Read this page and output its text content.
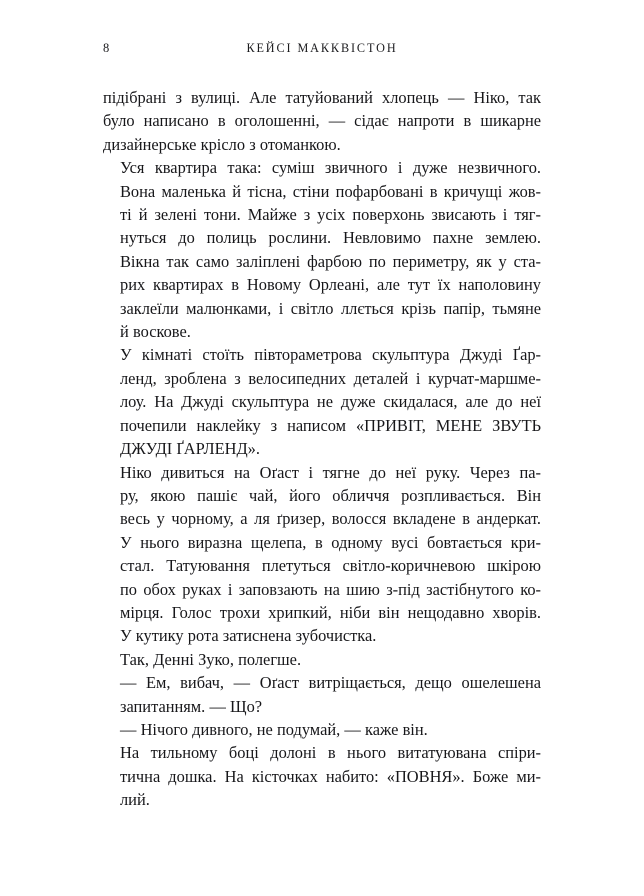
8	КЕЙСІ МАККВІСТОН

підібрані з вулиці. Але татуйований хлопець — Ніко, так
було написано в оголошенні, — сідає напроти в шикарне
дизайнерське крісло з отоманкою.

Уся квартира така: суміш звичного і дуже незвичного.
Вона маленька й тісна, стіни пофарбовані в кричущі жов-
ті й зелені тони. Майже з усіх поверхонь звисають і тяг-
нуться до полиць рослини. Невловимо пахне землею.
Вікна так само заліплені фарбою по периметру, як у ста-
рих квартирах в Новому Орлеані, але тут їх наполовину
заклеїли малюнками, і світло ллється крізь папір, тьмяне
й воскове.

У кімнаті стоїть півтораметрова скульптура Джуді Ґар-
ленд, зроблена з велосипедних деталей і курчат-маршме-
лоу. На Джуді скульптура не дуже скидалася, але до неї
почепили наклейку з написом «ПРИВІТ, МЕНЕ ЗВУТЬ
ДЖУДІ ҐАРЛЕНД».

Ніко дивиться на Оґаст і тягне до неї руку. Через па-
ру, якою пашіє чай, його обличчя розпливається. Він
весь у чорному, а ля ґризер, волосся вкладене в андеркат.
У нього виразна щелепа, в одному вусі бовтається кри-
стал. Татуювання плетуться світло-коричневою шкірою
по обох руках і заповзають на шию з-під застібнутого ко-
мірця. Голос трохи хрипкий, ніби він нещодавно хворів.
У кутику рота затиснена зубочистка.

Так, Денні Зуко, полегше.

— Ем, вибач, — Оґаст витріщається, дещо ошелешена
запитанням. — Що?

— Нічого дивного, не подумай, — каже він.

На тильному боці долоні в нього витатуювана спіри-
тична дошка. На кісточках набито: «ПОВНЯ». Боже ми-
лий.
